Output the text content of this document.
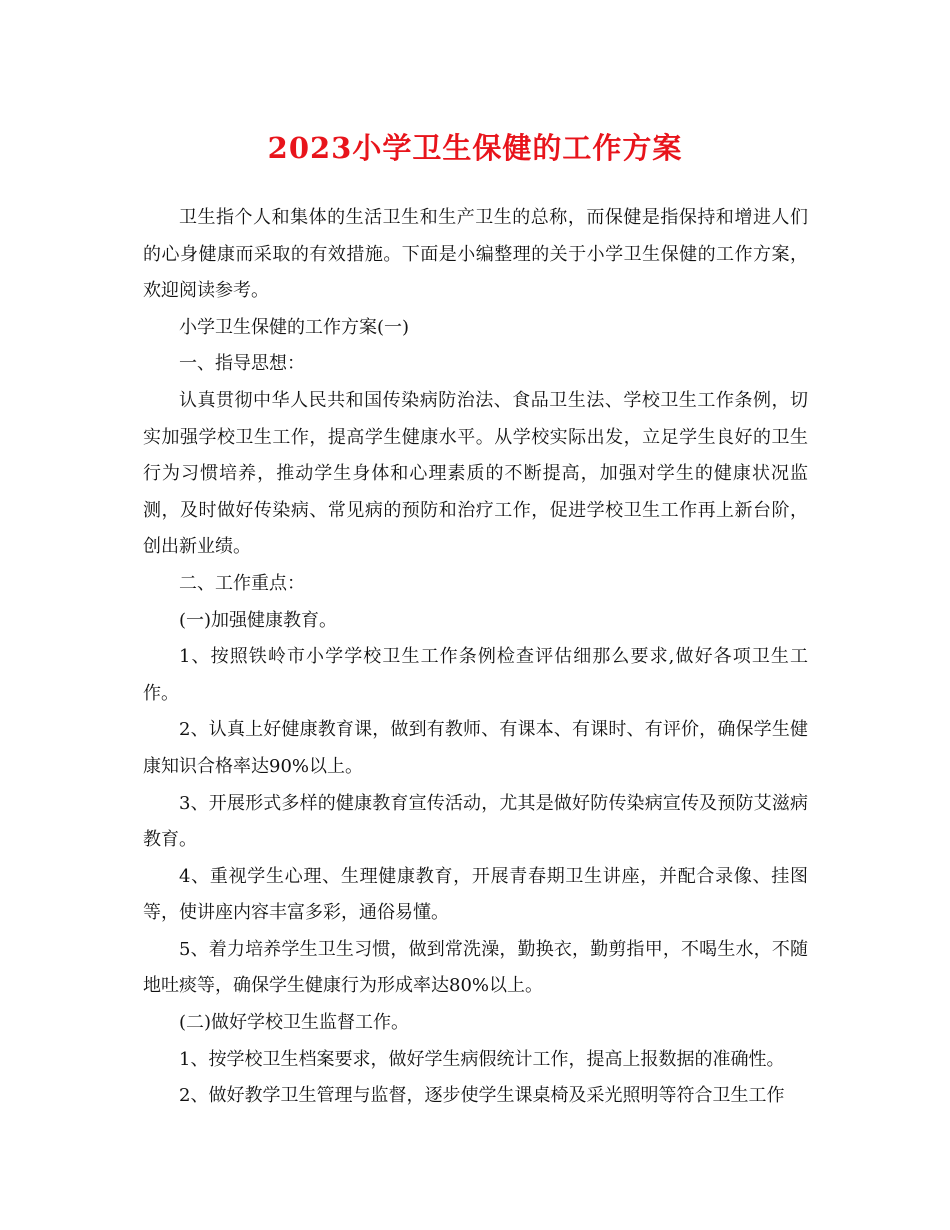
2023小学卫生保健的工作方案

卫生指个人和集体的生活卫生和生产卫生的总称，而保健是指保持和增进人们的心身健康而采取的有效措施。下面是小编整理的关于小学卫生保健的工作方案，欢迎阅读参考。

小学卫生保健的工作方案(一)

一、指导思想：

认真贯彻中华人民共和国传染病防治法、食品卫生法、学校卫生工作条例，切实加强学校卫生工作，提高学生健康水平。从学校实际出发，立足学生良好的卫生行为习惯培养，推动学生身体和心理素质的不断提高，加强对学生的健康状况监测，及时做好传染病、常见病的预防和治疗工作，促进学校卫生工作再上新台阶，创出新业绩。

二、工作重点：

(一)加强健康教育。

1、按照铁岭市小学学校卫生工作条例检查评估细那么要求,做好各项卫生工作。

2、认真上好健康教育课，做到有教师、有课本、有课时、有评价，确保学生健康知识合格率达90%以上。

3、开展形式多样的健康教育宣传活动，尤其是做好防传染病宣传及预防艾滋病教育。

4、重视学生心理、生理健康教育，开展青春期卫生讲座，并配合录像、挂图等，使讲座内容丰富多彩，通俗易懂。

5、着力培养学生卫生习惯，做到常洗澡，勤换衣，勤剪指甲，不喝生水，不随地吐痰等，确保学生健康行为形成率达80%以上。

(二)做好学校卫生监督工作。

1、按学校卫生档案要求，做好学生病假统计工作，提高上报数据的准确性。

2、做好教学卫生管理与监督，逐步使学生课桌椅及采光照明等符合卫生工作
